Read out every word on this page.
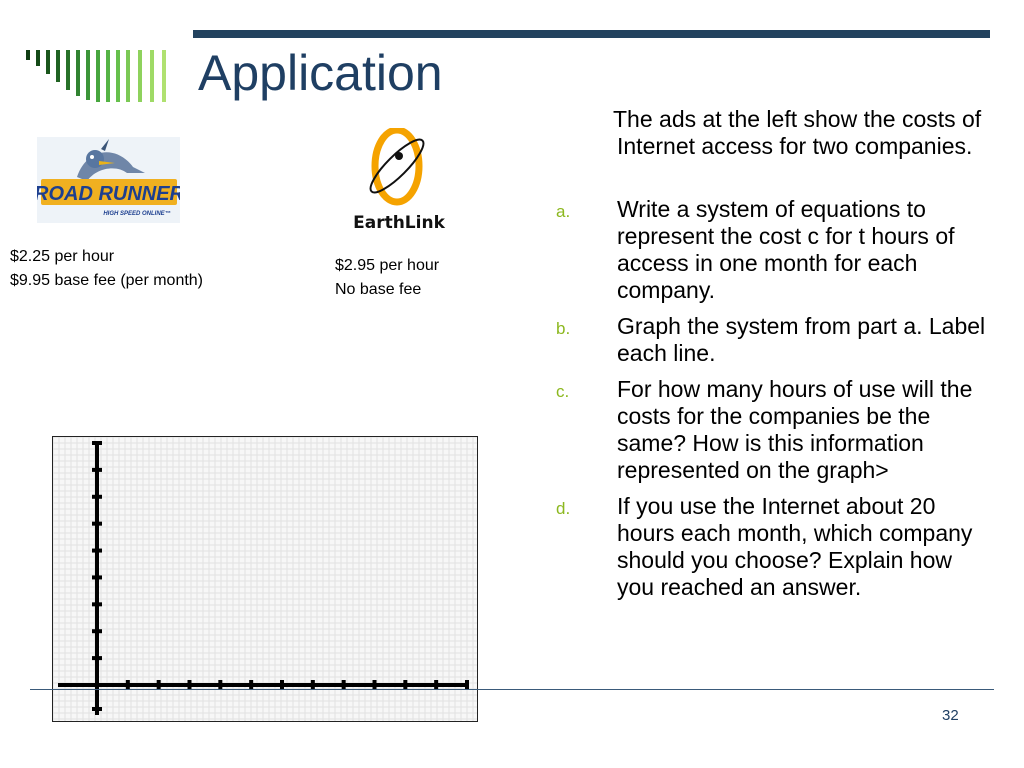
Application
ROAD RUNNER
HIGH SPEED ONLINE™	EarthLink
$2.25 per hour
$9.95 base fee (per month)
$2.95 per hour
No base fee
The ads at the left show the costs of Internet access for two companies.
a. Write a system of equations to represent the cost c for t hours of access in one month for each company.
b. Graph the system from part a. Label each line.
c. For how many hours of use will the costs for the companies be the same? How is this information represented on the graph>
d. If you use the Internet about 20 hours each month, which company should you choose? Explain how you reached an answer.
32
